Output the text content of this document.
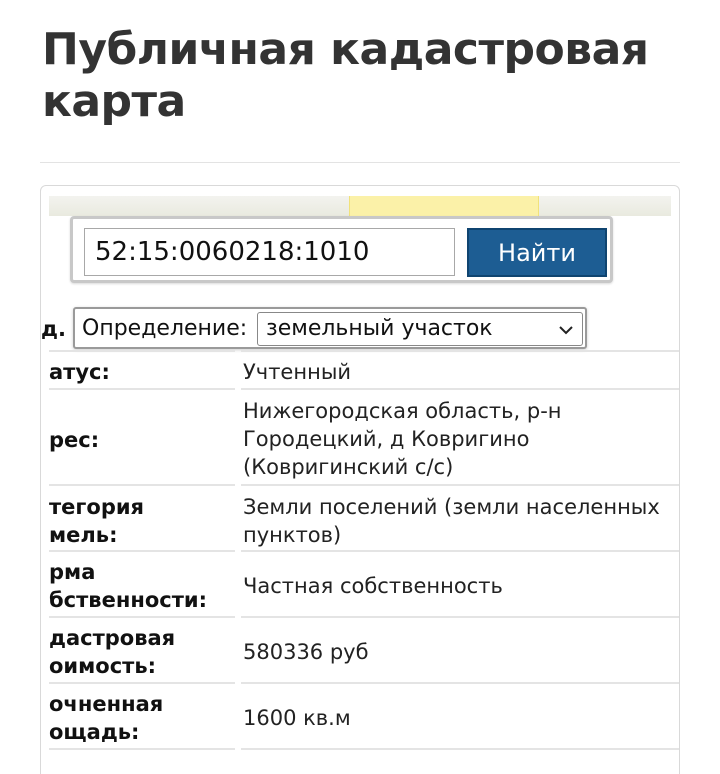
Публичная кадастровая
карта
52:15:0060218:1010
Найти
д. Определение: земельный участок
атус:	Учтенный
рес:
Нижегородская область, р-н
Городецкий, д Ковригино
(Ковригинский с/с)
тегория
мель:
Земли поселений (земли населенных
пунктов)
рма
бственности:
Частная собственность
дастровая
оимость:
580336 руб
очненная
ощадь:
1600 кв.м
